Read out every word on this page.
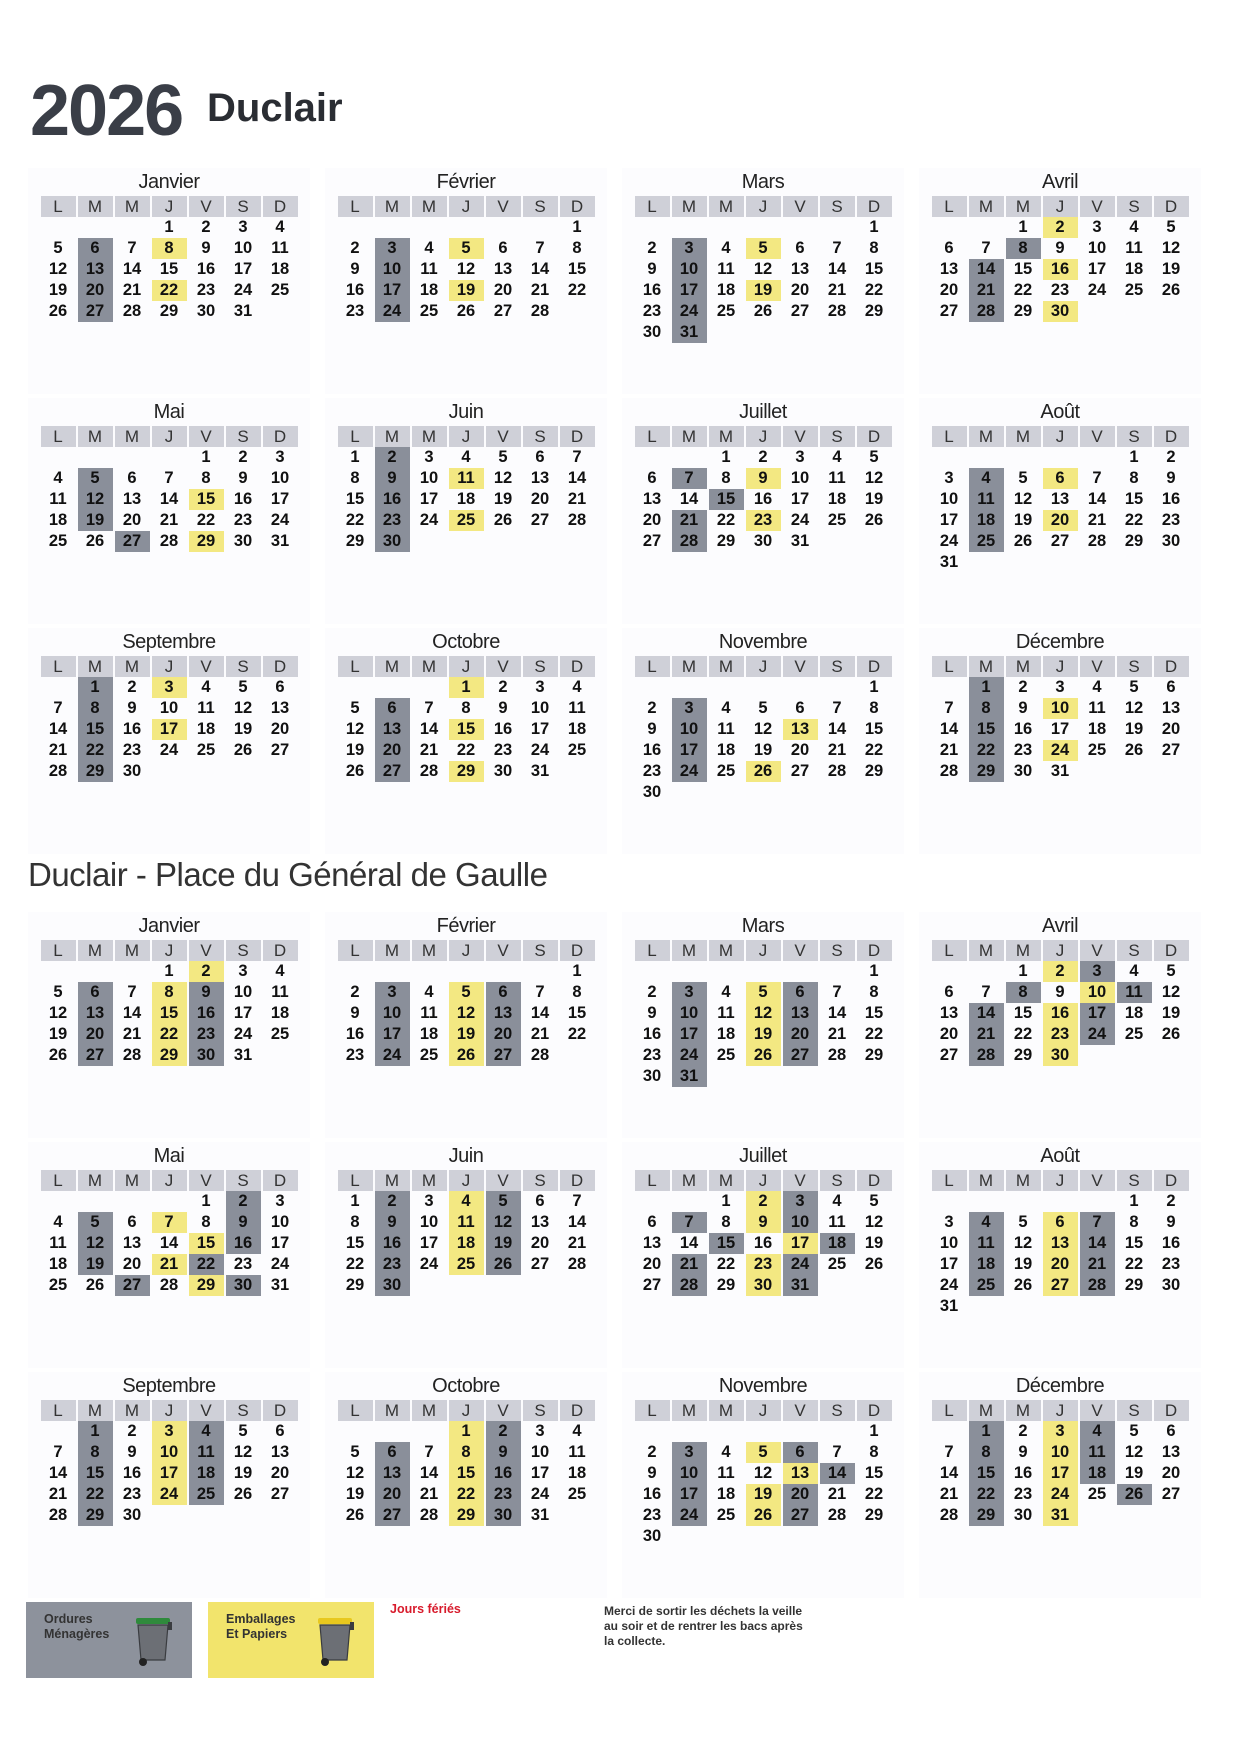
2026 Duclair
Janvier
L	M	M	J	V	S	D
			1	2	3	4
5	6	7	8	9	10	11
12	13	14	15	16	17	18
19	20	21	22	23	24	25
26	27	28	29	30	31	
Février
L	M	M	J	V	S	D
						1
2	3	4	5	6	7	8
9	10	11	12	13	14	15
16	17	18	19	20	21	22
23	24	25	26	27	28	
Mars
L	M	M	J	V	S	D
						1
2	3	4	5	6	7	8
9	10	11	12	13	14	15
16	17	18	19	20	21	22
23	24	25	26	27	28	29
30	31					
Avril
L	M	M	J	V	S	D
		1	2	3	4	5
6	7	8	9	10	11	12
13	14	15	16	17	18	19
20	21	22	23	24	25	26
27	28	29	30			
Mai
L	M	M	J	V	S	D
				1	2	3
4	5	6	7	8	9	10
11	12	13	14	15	16	17
18	19	20	21	22	23	24
25	26	27	28	29	30	31
Juin
L	M	M	J	V	S	D
1	2	3	4	5	6	7
8	9	10	11	12	13	14
15	16	17	18	19	20	21
22	23	24	25	26	27	28
29	30					
Juillet
L	M	M	J	V	S	D
		1	2	3	4	5
6	7	8	9	10	11	12
13	14	15	16	17	18	19
20	21	22	23	24	25	26
27	28	29	30	31		
Août
L	M	M	J	V	S	D
					1	2
3	4	5	6	7	8	9
10	11	12	13	14	15	16
17	18	19	20	21	22	23
24	25	26	27	28	29	30
31						
Septembre
L	M	M	J	V	S	D
	1	2	3	4	5	6
7	8	9	10	11	12	13
14	15	16	17	18	19	20
21	22	23	24	25	26	27
28	29	30				
Octobre
L	M	M	J	V	S	D
			1	2	3	4
5	6	7	8	9	10	11
12	13	14	15	16	17	18
19	20	21	22	23	24	25
26	27	28	29	30	31	
Novembre
L	M	M	J	V	S	D
						1
2	3	4	5	6	7	8
9	10	11	12	13	14	15
16	17	18	19	20	21	22
23	24	25	26	27	28	29
30						
Décembre
L	M	M	J	V	S	D
	1	2	3	4	5	6
7	8	9	10	11	12	13
14	15	16	17	18	19	20
21	22	23	24	25	26	27
28	29	30	31			
Duclair - Place du Général de Gaulle
Janvier
L	M	M	J	V	S	D
			1	2	3	4
5	6	7	8	9	10	11
12	13	14	15	16	17	18
19	20	21	22	23	24	25
26	27	28	29	30	31	
Février
L	M	M	J	V	S	D
						1
2	3	4	5	6	7	8
9	10	11	12	13	14	15
16	17	18	19	20	21	22
23	24	25	26	27	28	
Mars
L	M	M	J	V	S	D
						1
2	3	4	5	6	7	8
9	10	11	12	13	14	15
16	17	18	19	20	21	22
23	24	25	26	27	28	29
30	31					
Avril
L	M	M	J	V	S	D
		1	2	3	4	5
6	7	8	9	10	11	12
13	14	15	16	17	18	19
20	21	22	23	24	25	26
27	28	29	30			
Mai
L	M	M	J	V	S	D
				1	2	3
4	5	6	7	8	9	10
11	12	13	14	15	16	17
18	19	20	21	22	23	24
25	26	27	28	29	30	31
Juin
L	M	M	J	V	S	D
1	2	3	4	5	6	7
8	9	10	11	12	13	14
15	16	17	18	19	20	21
22	23	24	25	26	27	28
29	30					
Juillet
L	M	M	J	V	S	D
		1	2	3	4	5
6	7	8	9	10	11	12
13	14	15	16	17	18	19
20	21	22	23	24	25	26
27	28	29	30	31		
Août
L	M	M	J	V	S	D
					1	2
3	4	5	6	7	8	9
10	11	12	13	14	15	16
17	18	19	20	21	22	23
24	25	26	27	28	29	30
31						
Septembre
L	M	M	J	V	S	D
	1	2	3	4	5	6
7	8	9	10	11	12	13
14	15	16	17	18	19	20
21	22	23	24	25	26	27
28	29	30				
Octobre
L	M	M	J	V	S	D
			1	2	3	4
5	6	7	8	9	10	11
12	13	14	15	16	17	18
19	20	21	22	23	24	25
26	27	28	29	30	31	
Novembre
L	M	M	J	V	S	D
						1
2	3	4	5	6	7	8
9	10	11	12	13	14	15
16	17	18	19	20	21	22
23	24	25	26	27	28	29
30						
Décembre
L	M	M	J	V	S	D
	1	2	3	4	5	6
7	8	9	10	11	12	13
14	15	16	17	18	19	20
21	22	23	24	25	26	27
28	29	30	31			
Ordures Ménagères
Emballages Et Papiers
Jours fériés	Merci de sortir les déchets la veille au soir et de rentrer les bacs après la collecte.
